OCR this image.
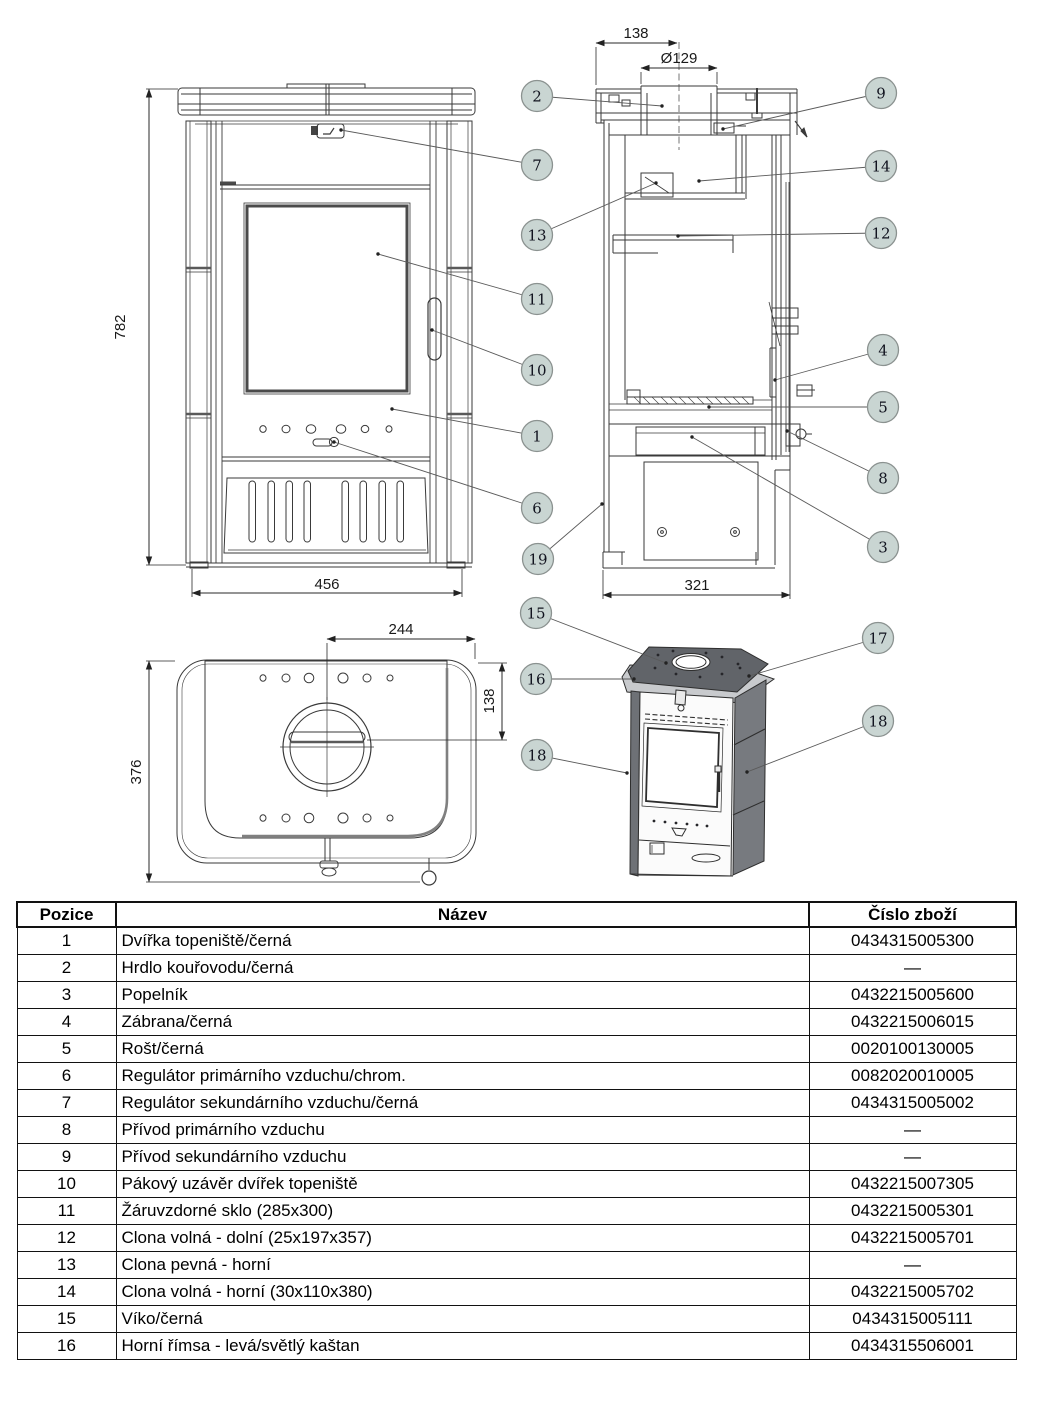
782
456
138
Ø129
321
244
138
376
2
7
13
11
10
1
6
19
15
16
18
9
14
12
4
5
8
3
17
18
Pozice	Název	Číslo zboží
1	Dvířka topeniště/černá	0434315005300
2	Hrdlo kouřovodu/černá	—
3	Popelník	0432215005600
4	Zábrana/černá	0432215006015
5	Rošt/černá	0020100130005
6	Regulátor primárního vzduchu/chrom.	0082020010005
7	Regulátor sekundárního vzduchu/černá	0434315005002
8	Přívod primárního vzduchu	—
9	Přívod sekundárního vzduchu	—
10	Pákový uzávěr dvířek topeniště	0432215007305
11	Žáruvzdorné sklo (285x300)	0432215005301
12	Clona volná - dolní (25x197x357)	0432215005701
13	Clona pevná - horní	—
14	Clona volná - horní (30x110x380)	0432215005702
15	Víko/černá	0434315005111
16	Horní římsa - levá/světlý kaštan	0434315506001
